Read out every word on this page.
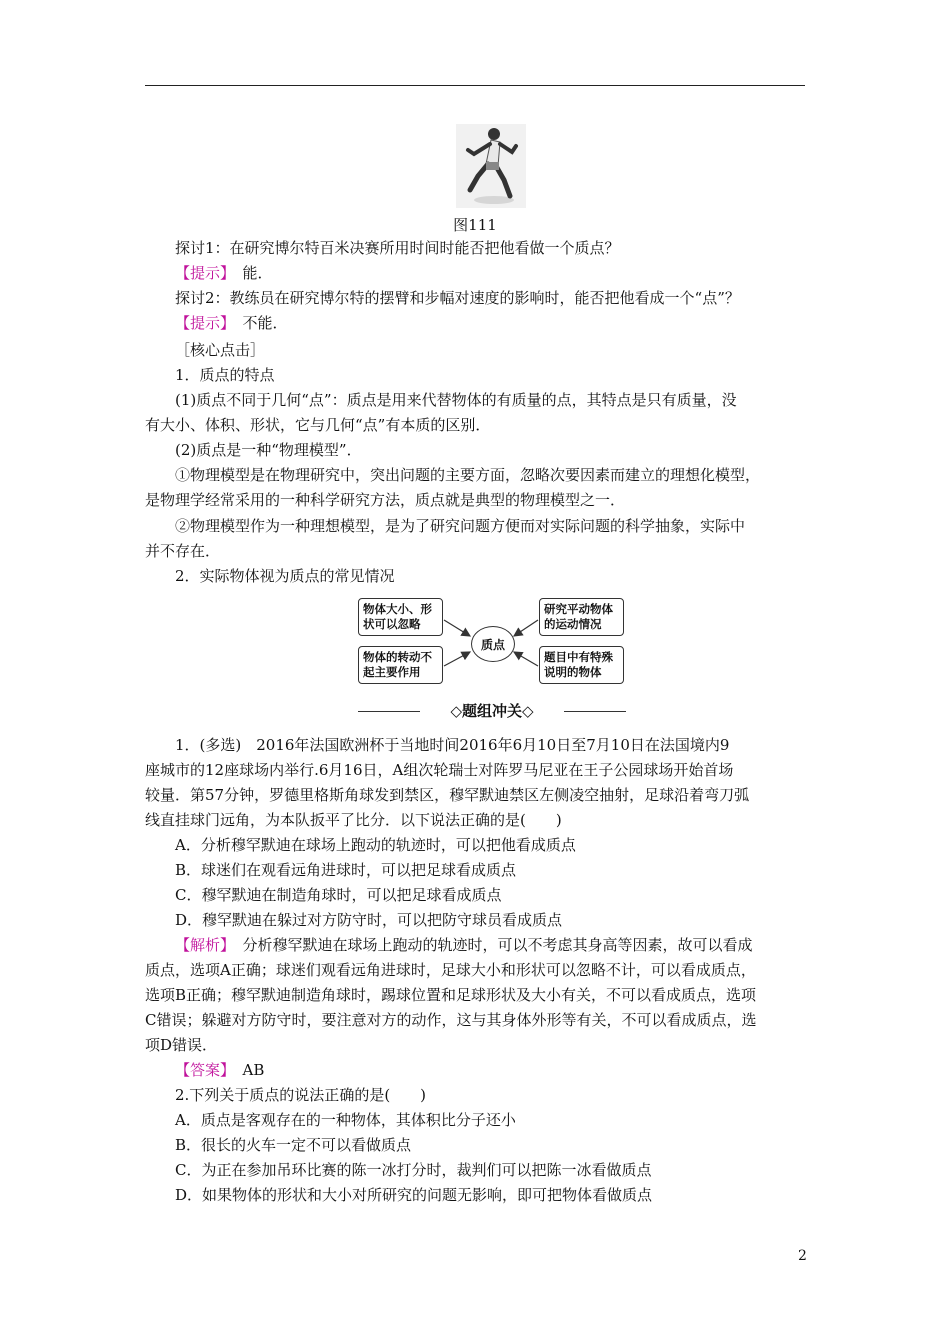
图111
探讨1：在研究博尔特百米决赛所用时间时能否把他看做一个质点？
【提示】　 能．
探讨2：教练员在研究博尔特的摆臂和步幅对速度的影响时，能否把他看成一个“点”？
【提示】　 不能．
［核心点击］
1．质点的特点
(1)质点不同于几何“点”：质点是用来代替物体的有质量的点，其特点是只有质量，没
有大小、体积、形状，它与几何“点”有本质的区别．
(2)质点是一种“物理模型”．
①物理模型是在物理研究中，突出问题的主要方面，忽略次要因素而建立的理想化模型，
是物理学经常采用的一种科学研究方法，质点就是典型的物理模型之一．
②物理模型作为一种理想模型，是为了研究问题方便而对实际问题的科学抽象，实际中
并不存在．
2．实际物体视为质点的常见情况
物体大小、形状可以忽略
物体的转动不起主要作用
研究平动物体的运动情况
题目中有特殊说明的物体
质点
◇题组冲关◇
1．(多选)　2016年法国欧洲杯于当地时间2016年6月10日至7月10日在法国境内9
座城市的12座球场内举行.6月16日，A组次轮瑞士对阵罗马尼亚在王子公园球场开始首场
较量．第57分钟，罗德里格斯角球发到禁区，穆罕默迪禁区左侧凌空抽射，足球沿着弯刀弧
线直挂球门远角，为本队扳平了比分．以下说法正确的是(　　)
A．分析穆罕默迪在球场上跑动的轨迹时，可以把他看成质点
B．球迷们在观看远角进球时，可以把足球看成质点
C．穆罕默迪在制造角球时，可以把足球看成质点
D．穆罕默迪在躲过对方防守时，可以把防守球员看成质点
【解析】　分析穆罕默迪在球场上跑动的轨迹时，可以不考虑其身高等因素，故可以看成
质点，选项A正确；球迷们观看远角进球时，足球大小和形状可以忽略不计，可以看成质点，
选项B正确；穆罕默迪制造角球时，踢球位置和足球形状及大小有关，不可以看成质点，选项
C错误；躲避对方防守时，要注意对方的动作，这与其身体外形等有关，不可以看成质点，选
项D错误．
【答案】　AB
2.下列关于质点的说法正确的是(　　)
A．质点是客观存在的一种物体，其体积比分子还小
B．很长的火车一定不可以看做质点
C．为正在参加吊环比赛的陈一冰打分时，裁判们可以把陈一冰看做质点
D．如果物体的形状和大小对所研究的问题无影响，即可把物体看做质点
2
